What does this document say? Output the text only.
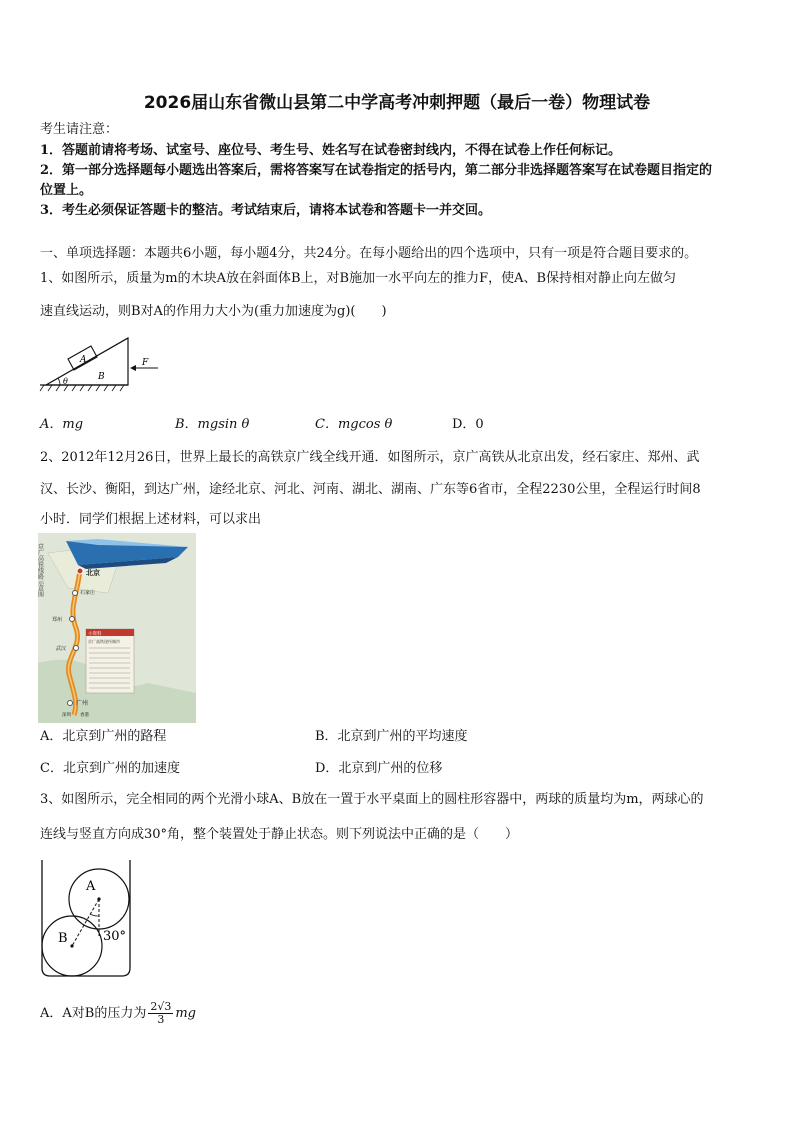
2026届山东省微山县第二中学高考冲刺押题（最后一卷）物理试卷
考生请注意：
1．答题前请将考场、试室号、座位号、考生号、姓名写在试卷密封线内，不得在试卷上作任何标记。
2．第一部分选择题每小题选出答案后，需将答案写在试卷指定的括号内，第二部分非选择题答案写在试卷题目指定的
位置上。
3．考生必须保证答题卡的整洁。考试结束后，请将本试卷和答题卡一并交回。
一、单项选择题：本题共6小题，每小题4分，共24分。在每小题给出的四个选项中，只有一项是符合题目要求的。
1、如图所示，质量为m的木块A放在斜面体B上，对B施加一水平向左的推力F，使A、B保持相对静止向左做匀
速直线运动，则B对A的作用力大小为(重力加速度为g)(　　)
A
B
F
θ
A．mg	B．mgsin θ	C．mgcos θ	D．0
2、2012年12月26日，世界上最长的高铁京广线全线开通．如图所示，京广高铁从北京出发，经石家庄、郑州、武
汉、长沙、衡阳，到达广州，途经北京、河北、河南、湖北、湖南、广东等6省市，全程2230公里，全程运行时间8
小时．同学们根据上述材料，可以求出
京广高铁线路示意图	北京
石家庄
郑州
武汉
广州
深圳 香港
小资料
京广高铁途经城市
A．北京到广州的路程	B．北京到广州的平均速度
C．北京到广州的加速度	D．北京到广州的位移
3、如图所示，完全相同的两个光滑小球A、B放在一置于水平桌面上的圆柱形容器中，两球的质量均为m，两球心的
连线与竖直方向成30°角，整个装置处于静止状态。则下列说法中正确的是（　　）
A
B	30°
A．A对B的压力为 $\frac{2√3}{3}$ mg
